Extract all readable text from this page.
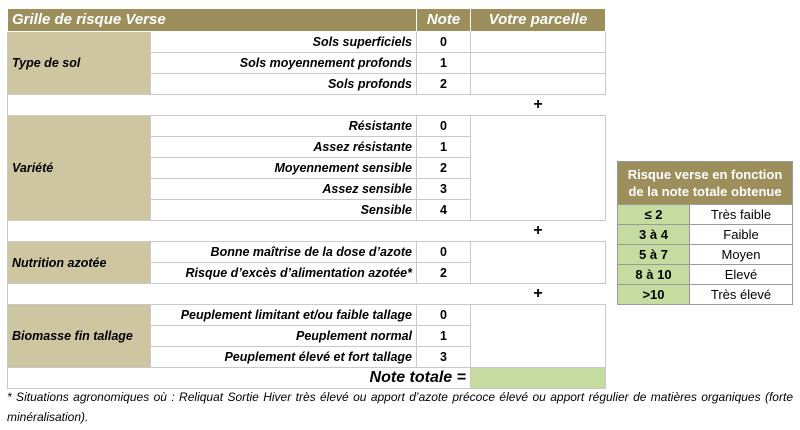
Grille de risque Verse		Note	Votre parcelle
Type de sol	Sols superficiels	0	
	Sols moyennement profonds	1	
	Sols profonds	2	
			+
Variété	Résistante	0	
	Assez résistante	1	
	Moyennement sensible	2	
	Assez sensible	3	
	Sensible	4	
			+
Nutrition azotée	Bonne maîtrise de la dose d’azote	0	
	Risque d’excès d’alimentation azotée*	2	
			+
Biomasse fin tallage	Peuplement limitant et/ou faible tallage	0	
	Peuplement normal	1	
	Peuplement élevé et fort tallage	3	
Note totale =			
Risque verse en fonction de la note totale obtenue	
≤ 2	Très faible
3 à 4	Faible
5 à 7	Moyen
8 à 10	Elevé
>10	Très élevé
* Situations agronomiques où : Reliquat Sortie Hiver très élevé ou apport d’azote précoce élevé ou apport régulier de matières organiques (forte minéralisation).
